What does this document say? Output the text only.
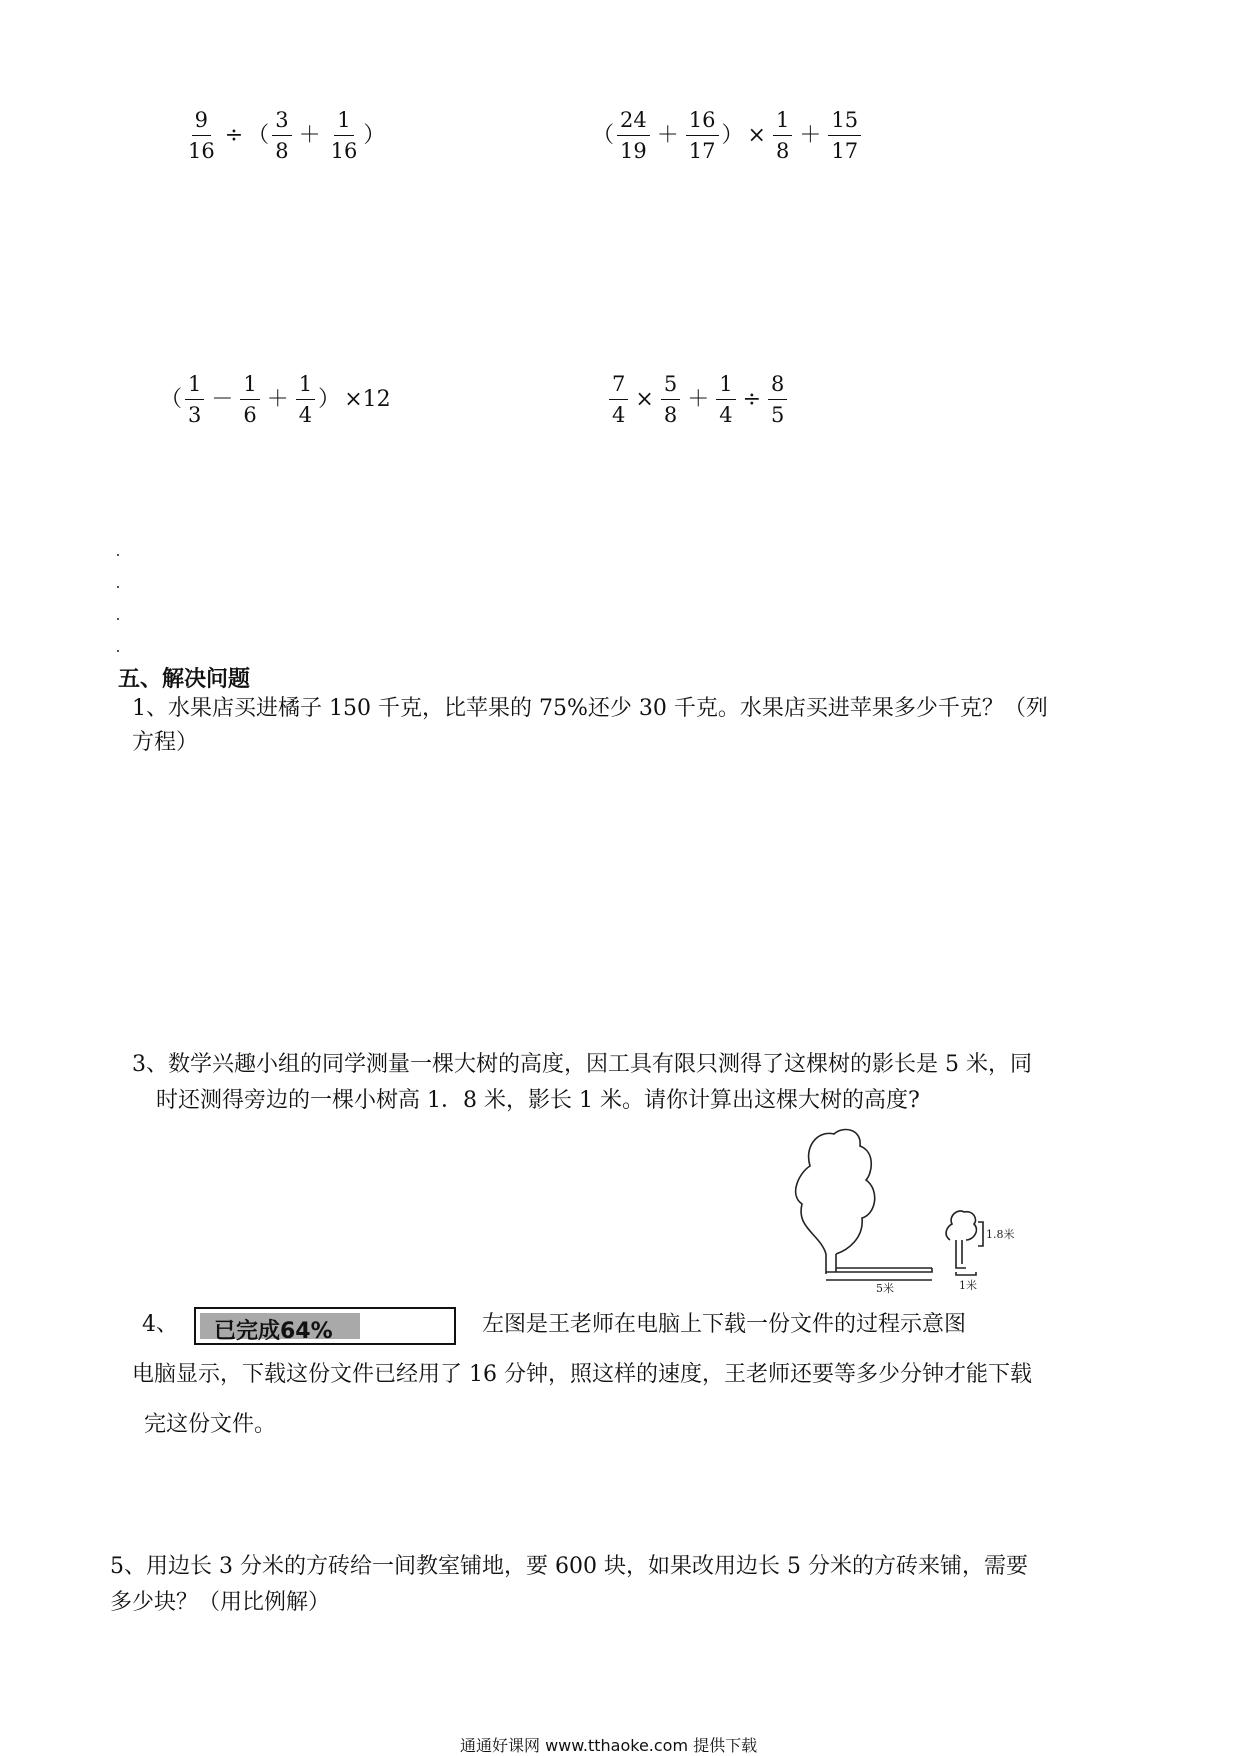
$\frac{9}{16}$ ÷ （ $\frac{3}{8} + \frac{1}{16}$ ）	（ $\frac{24}{19} + \frac{16}{17}$ ） × $\frac{1}{8} + \frac{15}{17}$
（ $\frac{1}{3} - \frac{1}{6} + \frac{1}{4}$ ） ×12	$\frac{7}{4} \times \frac{5}{8} + \frac{1}{4} \div \frac{8}{5}$
五、解决问题
1、水果店买进橘子 150 千克，比苹果的 75%还少 30 千克。水果店买进苹果多少千克？（列
方程）
3、数学兴趣小组的同学测量一棵大树的高度，因工具有限只测得了这棵树的影长是 5 米，同
时还测得旁边的一棵小树高 1．8 米，影长 1 米。请你计算出这棵大树的高度?
5米
1.8米
1米
4、 已完成64%	左图是王老师在电脑上下载一份文件的过程示意图
电脑显示，下载这份文件已经用了 16 分钟，照这样的速度，王老师还要等多少分钟才能下载
完这份文件。
5、用边长 3 分米的方砖给一间教室铺地，要 600 块，如果改用边长 5 分米的方砖来铺，需要
多少块？（用比例解）
通通好课网 www.tthaoke.com 提供下载
